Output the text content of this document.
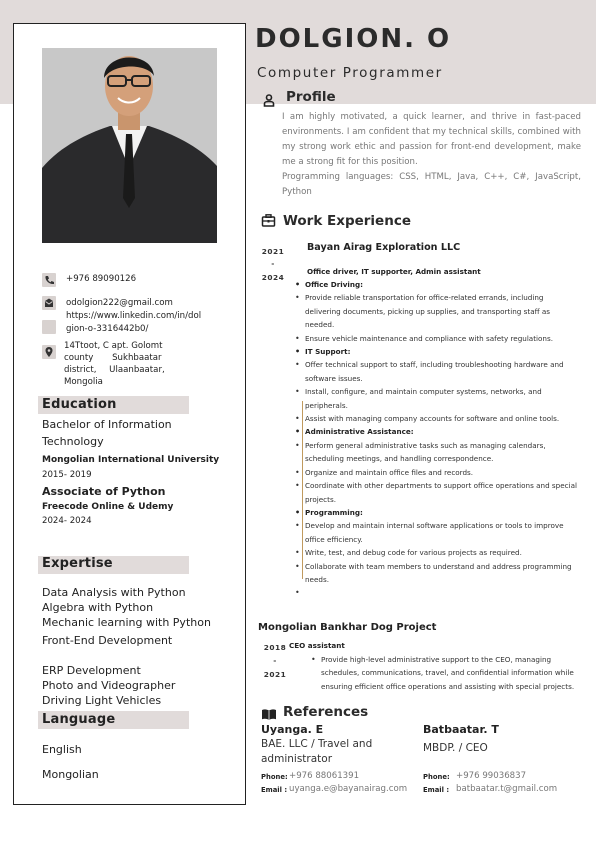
+976 89090126
odolgion222@gmail.com
https://www.linkedin.com/in/dol
gion-o-3316442b0/
14Ttoot, C apt. Golomt
county Sukhbaatar
district, Ulaanbaatar,
Mongolia
Education
Bachelor of Information
Technology
Mongolian International University
2015- 2019
Associate of Python
Freecode Online & Udemy
2024- 2024
Expertise
Data Analysis with Python
Algebra with Python
Mechanic learning with Python
Front-End Development
ERP Development
Photo and Videographer
Driving Light Vehicles
Language
English
Mongolian
DOLGION. O
Computer Programmer
Profile

I am highly motivated, a quick learner, and thrive in fast-paced environments. I am confident that my technical skills, combined with my strong work ethic and passion for front-end development, make me a strong fit for this position.

Programming languages: CSS, HTML, Java, C++, C#, JavaScript, Python

Work Experience
2021
-
2024
Bayan Airag Exploration LLC
Office driver, IT supporter, Admin assistant
• Office Driving:
• Provide reliable transportation for office-related errands, including delivering documents, picking up supplies, and transporting staff as needed.
• Ensure vehicle maintenance and compliance with safety regulations.
• IT Support:
• Offer technical support to staff, including troubleshooting hardware and software issues.
• Install, configure, and maintain computer systems, networks, and peripherals.
• Assist with managing company accounts for software and online tools.
• Administrative Assistance:
• Perform general administrative tasks such as managing calendars, scheduling meetings, and handling correspondence.
• Organize and maintain office files and records.
• Coordinate with other departments to support office operations and special projects.
• Programming:
• Develop and maintain internal software applications or tools to improve office efficiency.
• Write, test, and debug code for various projects as required.
• Collaborate with team members to understand and address programming needs.
Mongolian Bankhar Dog Project
2018
-
2021
CEO assistant
• Provide high-level administrative support to the CEO, managing schedules, communications, travel, and confidential information while ensuring efficient office operations and assisting with special projects.
References
Uyanga. E
BAE. LLC / Travel and
administrator
Phone: +976 88061391
Email : uyanga.e@bayanairag.com
Batbaatar. T
MBDP. / CEO
Phone: +976 99036837
Email : batbaatar.t@gmail.com
